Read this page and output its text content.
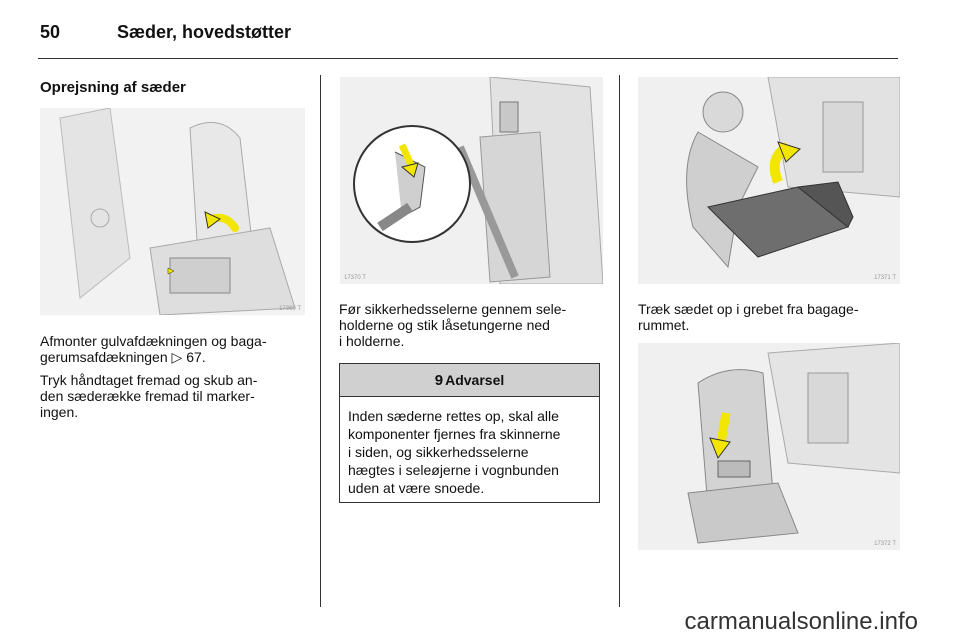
50	Sæder, hovedstøtter
Oprejsning af sæder
17369 T
17370 T	17371 T
17372 T

Afmonter gulvafdækningen og baga-
gerumsafdækningen ▷ 67.

Tryk håndtaget fremad og skub an-
den sæderække fremad til marker-
ingen.

Før sikkerhedsselerne gennem sele-
holderne og stik låsetungerne ned
i holderne.

9 Advarsel
Inden sæderne rettes op, skal alle
komponenter fjernes fra skinnerne
i siden, og sikkerhedsselerne
hægtes i seleøjerne i vognbunden
uden at være snoede.

Træk sædet op i grebet fra bagage-
rummet.

carmanualsonline.info
